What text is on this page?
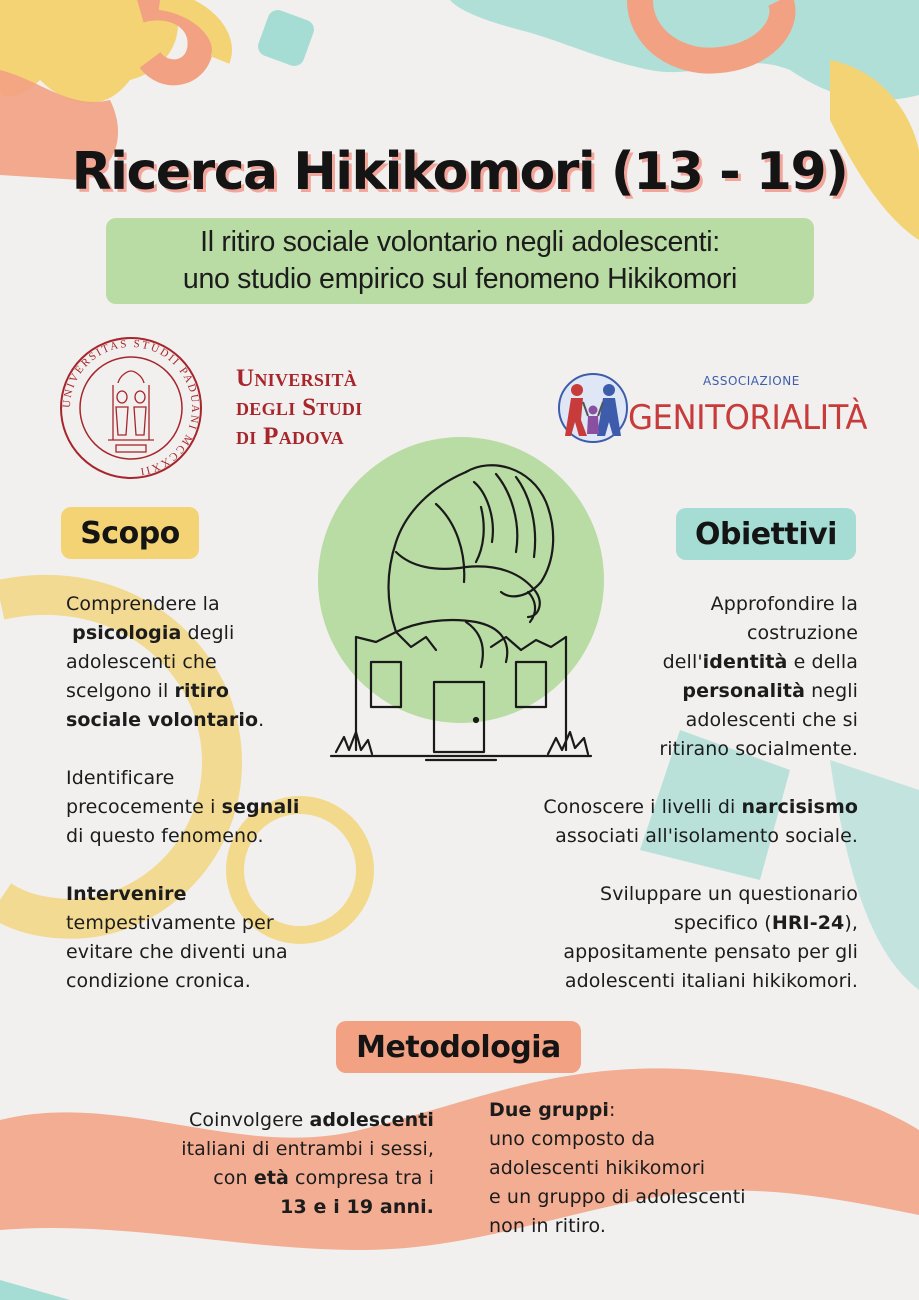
Ricerca Hikikomori (13 - 19)
Il ritiro sociale volontario negli adolescenti:
uno studio empirico sul fenomeno Hikikomori
UNIVERSITAS STUDII PADUANI MCCXXII
Università
degli Studi
di Padova
ASSOCIAZIONE
GENITORIALITÀ
Scopo

Comprendere la
psicologia degli
adolescenti che
scelgono il ritiro
sociale volontario.

Identificare
precocemente i segnali
di questo fenomeno.

Intervenire
tempestivamente per
evitare che diventi una
condizione cronica.

Obiettivi

Approfondire la
costruzione
dell'identità e della
personalità negli
adolescenti che si
ritirano socialmente.

Conoscere i livelli di narcisismo
associati all'isolamento sociale.

Sviluppare un questionario
specifico (HRI-24),
appositamente pensato per gli
adolescenti italiani hikikomori.

Metodologia
Coinvolgere adolescenti
italiani di entrambi i sessi,
con età compresa tra i
13 e i 19 anni.
Due gruppi:
uno composto da
adolescenti hikikomori
e un gruppo di adolescenti
non in ritiro.
